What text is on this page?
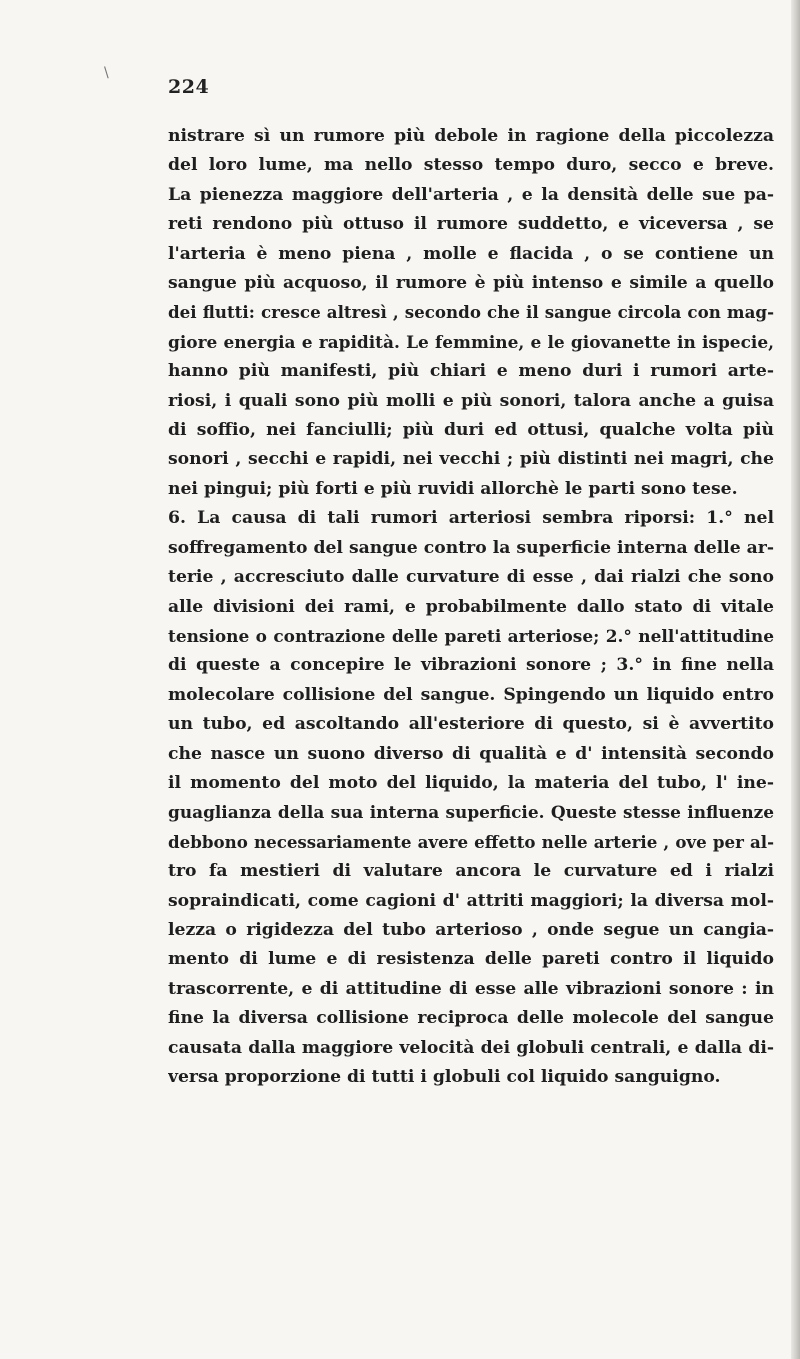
\
224
nistrare sì un rumore più debole in ragione della piccolezza
del loro lume, ma nello stesso tempo duro, secco e breve.
La pienezza maggiore dell'arteria , e la densità delle sue pa-
reti rendono più ottuso il rumore suddetto, e viceversa , se
l'arteria è meno piena , molle e flacida , o se contiene un
sangue più acquoso, il rumore è più intenso e simile a quello
dei flutti: cresce altresì , secondo che il sangue circola con mag-
giore energia e rapidità. Le femmine, e le giovanette in ispecie,
hanno più manifesti, più chiari e meno duri i rumori arte-
riosi, i quali sono più molli e più sonori, talora anche a guisa
di soffio, nei fanciulli; più duri ed ottusi, qualche volta più
sonori , secchi e rapidi, nei vecchi ; più distinti nei magri, che
nei pingui; più forti e più ruvidi allorchè le parti sono tese.
6. La causa di tali rumori arteriosi sembra riporsi: 1.° nel
soffregamento del sangue contro la superficie interna delle ar-
terie , accresciuto dalle curvature di esse , dai rialzi che sono
alle divisioni dei rami, e probabilmente dallo stato di vitale
tensione o contrazione delle pareti arteriose; 2.° nell'attitudine
di queste a concepire le vibrazioni sonore ; 3.° in fine nella
molecolare collisione del sangue. Spingendo un liquido entro
un tubo, ed ascoltando all'esteriore di questo, si è avvertito
che nasce un suono diverso di qualità e d' intensità secondo
il momento del moto del liquido, la materia del tubo, l' ine-
guaglianza della sua interna superficie. Queste stesse influenze
debbono necessariamente avere effetto nelle arterie , ove per al-
tro fa mestieri di valutare ancora le curvature ed i rialzi
sopraindicati, come cagioni d' attriti maggiori; la diversa mol-
lezza o rigidezza del tubo arterioso , onde segue un cangia-
mento di lume e di resistenza delle pareti contro il liquido
trascorrente, e di attitudine di esse alle vibrazioni sonore : in
fine la diversa collisione reciproca delle molecole del sangue
causata dalla maggiore velocità dei globuli centrali, e dalla di-
versa proporzione di tutti i globuli col liquido sanguigno.
